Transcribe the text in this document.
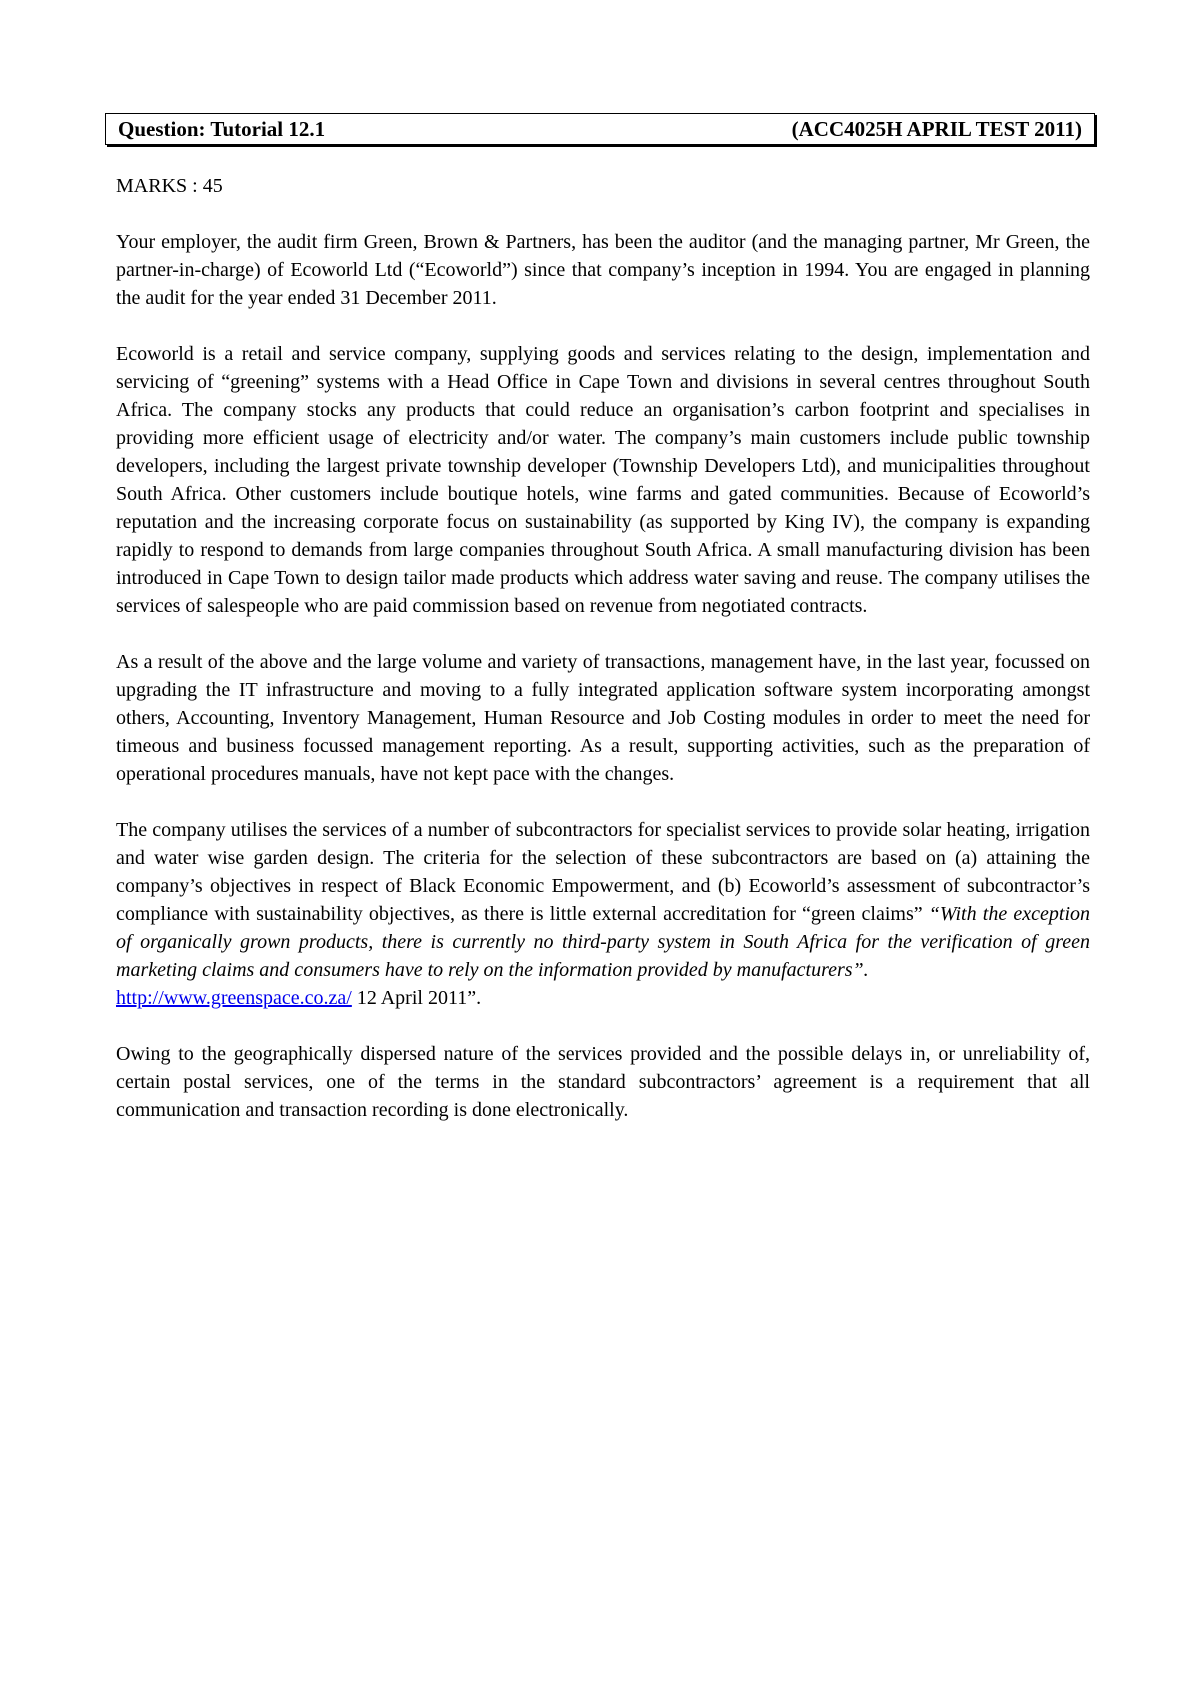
Question: Tutorial 12.1	(ACC4025H APRIL TEST 2011)

MARKS : 45

Your employer, the audit firm Green, Brown & Partners, has been the auditor (and the managing partner, Mr Green, the partner-in-charge) of Ecoworld Ltd (“Ecoworld”) since that company’s inception in 1994. You are engaged in planning the audit for the year ended 31 December 2011.

Ecoworld is a retail and service company, supplying goods and services relating to the design, implementation and servicing of “greening” systems with a Head Office in Cape Town and divisions in several centres throughout South Africa. The company stocks any products that could reduce an organisation’s carbon footprint and specialises in providing more efficient usage of electricity and/or water. The company’s main customers include public township developers, including the largest private township developer (Township Developers Ltd), and municipalities throughout South Africa. Other customers include boutique hotels, wine farms and gated communities. Because of Ecoworld’s reputation and the increasing corporate focus on sustainability (as supported by King IV), the company is expanding rapidly to respond to demands from large companies throughout South Africa. A small manufacturing division has been introduced in Cape Town to design tailor made products which address water saving and reuse. The company utilises the services of salespeople who are paid commission based on revenue from negotiated contracts.

As a result of the above and the large volume and variety of transactions, management have, in the last year, focussed on upgrading the IT infrastructure and moving to a fully integrated application software system incorporating amongst others, Accounting, Inventory Management, Human Resource and Job Costing modules in order to meet the need for timeous and business focussed management reporting. As a result, supporting activities, such as the preparation of operational procedures manuals, have not kept pace with the changes.

The company utilises the services of a number of subcontractors for specialist services to provide solar heating, irrigation and water wise garden design. The criteria for the selection of these subcontractors are based on (a) attaining the company’s objectives in respect of Black Economic Empowerment, and (b) Ecoworld’s assessment of subcontractor’s compliance with sustainability objectives, as there is little external accreditation for “green claims” “With the exception of organically grown products, there is currently no third-party system in South Africa for the verification of green marketing claims and consumers have to rely on the information provided by manufacturers”.

http://www.greenspace.co.za/ 12 April 2011”.

Owing to the geographically dispersed nature of the services provided and the possible delays in, or unreliability of, certain postal services, one of the terms in the standard subcontractors’ agreement is a requirement that all communication and transaction recording is done electronically.
